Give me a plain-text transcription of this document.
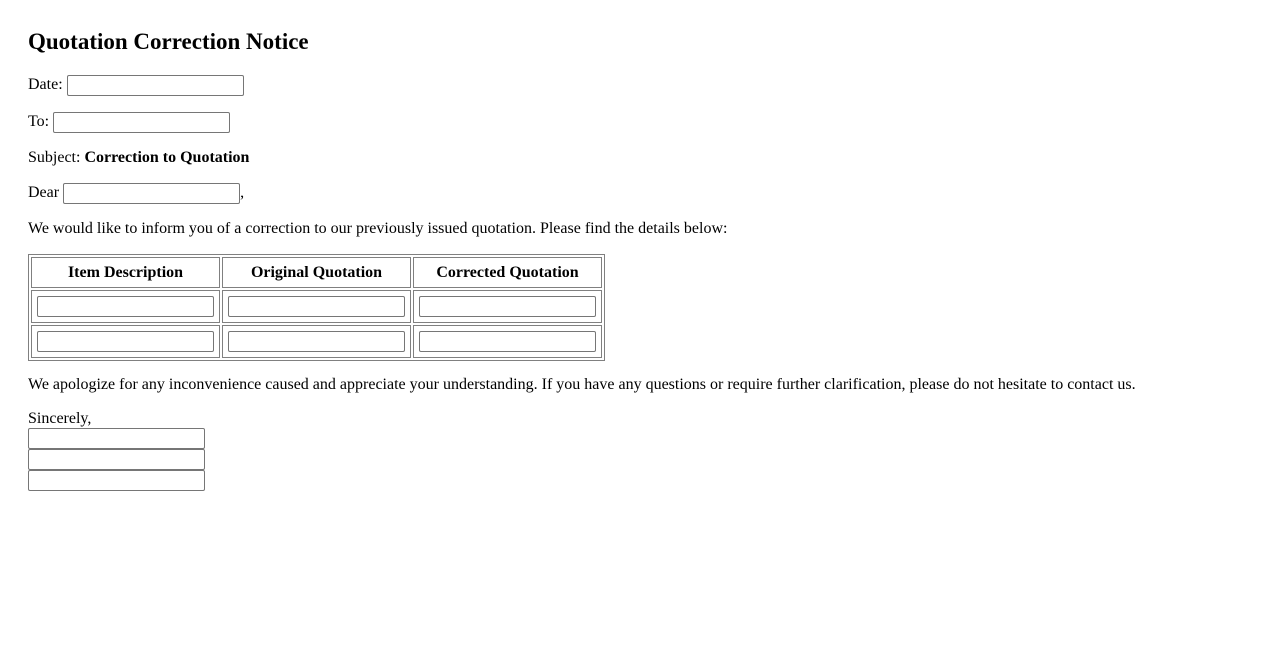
Quotation Correction Notice
Date:
To:
Subject: Correction to Quotation
Dear	,
We would like to inform you of a correction to our previously issued quotation. Please find the details below:
Item Description	Original Quotation	Corrected Quotation

We apologize for any inconvenience caused and appreciate your understanding. If you have any questions or require further clarification, please do not hesitate to contact us.
Sincerely,
